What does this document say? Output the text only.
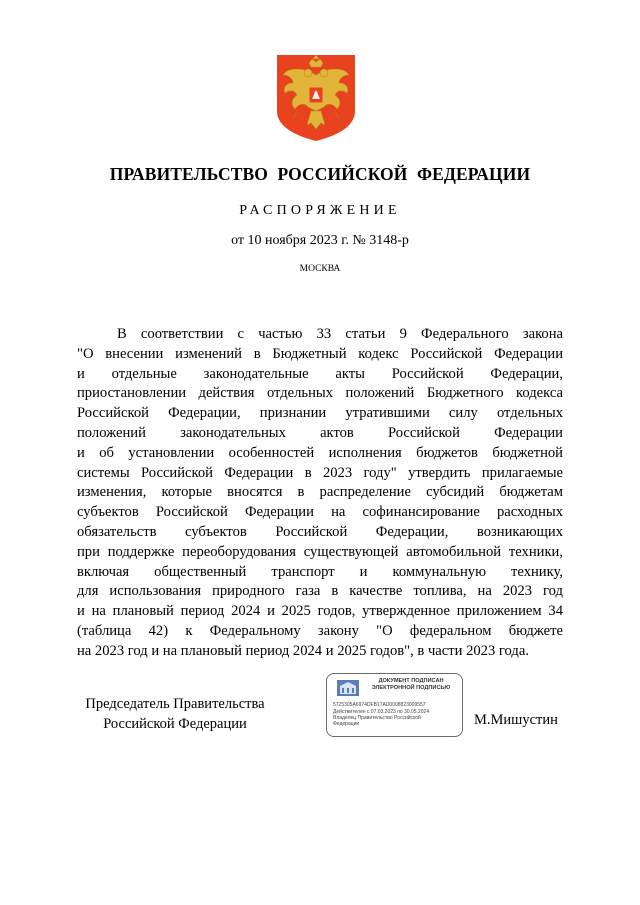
ПРАВИТЕЛЬСТВО РОССИЙСКОЙ ФЕДЕРАЦИИ
РАСПОРЯЖЕНИЕ
от 10 ноября 2023 г. № 3148-р
МОСКВА
В соответствии с частью 33 статьи 9 Федерального закона
"О внесении изменений в Бюджетный кодекс Российской Федерации
и отдельные законодательные акты Российской Федерации,
приостановлении действия отдельных положений Бюджетного кодекса
Российской Федерации, признании утратившими силу отдельных
положений законодательных актов Российской Федерации
и об установлении особенностей исполнения бюджетов бюджетной
системы Российской Федерации в 2023 году" утвердить прилагаемые
изменения, которые вносятся в распределение субсидий бюджетам
субъектов Российской Федерации на софинансирование расходных
обязательств субъектов Российской Федерации, возникающих
при поддержке переоборудования существующей автомобильной техники,
включая общественный транспорт и коммунальную технику,
для использования природного газа в качестве топлива, на 2023 год
и на плановый период 2024 и 2025 годов, утвержденное приложением 34
(таблица 42) к Федеральному закону "О федеральном бюджете
на 2023 год и на плановый период 2024 и 2025 годов", в части 2023 года.
Председатель Правительства
Российской Федерации
ДОКУМЕНТ ПОДПИСАН
ЭЛЕКТРОННОЙ ПОДПИСЬЮ
5725305A6974DFB17AD0008823009557
Действителен с 07.03.2023 по 30.05.2024
Владелец Правительство Российской
Федерации	М.Мишустин
